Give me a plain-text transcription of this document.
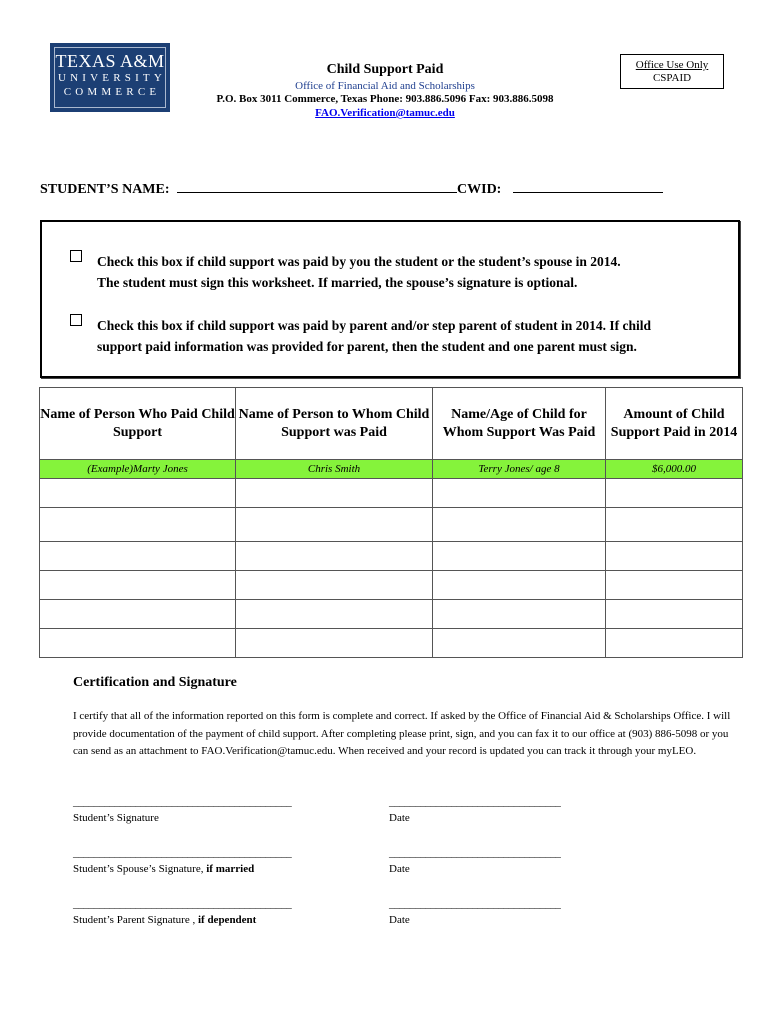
TEXAS A&M
UNIVERSITY
COMMERCE
Child Support Paid
Office of Financial Aid and Scholarships
P.O. Box 3011 Commerce, Texas Phone: 903.886.5096 Fax: 903.886.5098
FAO.Verification@tamuc.edu
Office Use Only
CSPAID
STUDENT’S NAME:	CWID:
Check this box if child support was paid by you the student or the student’s spouse in 2014.
The student must sign this worksheet. If married, the spouse’s signature is optional.
Check this box if child support was paid by parent and/or step parent of student in 2014. If child
support paid information was provided for parent, then the student and one parent must sign.
Name of Person Who Paid Child Support	Name of Person to Whom Child Support was Paid	Name/Age of Child for Whom Support Was Paid	Amount of Child Support Paid in 2014
(Example)Marty Jones	Chris Smith	Terry Jones/ age 8	$6,000.00

Certification and Signature
I certify that all of the information reported on this form is complete and correct. If asked by the Office of Financial Aid & Scholarships Office. I will provide documentation of the payment of child support. After completing please print, sign, and you can fax it to our office at (903) 886-5098 or you can send as an attachment to FAO.Verification@tamuc.edu. When received and your record is updated you can track it through your myLEO.
__________________________________________	_________________________________
Student’s Signature	Date
__________________________________________	_________________________________
Student’s Spouse’s Signature, if married	Date
__________________________________________	_________________________________
Student’s Parent Signature , if dependent	Date
